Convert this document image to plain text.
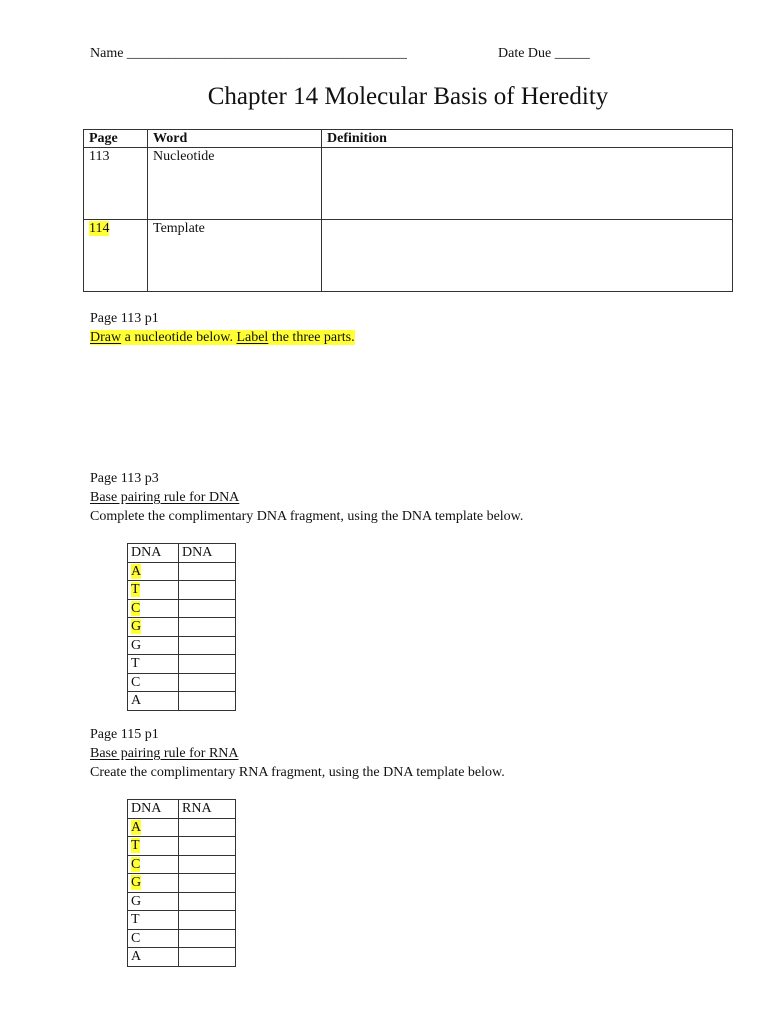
Name ________________________________________	Date Due _____
Chapter 14 Molecular Basis of Heredity
Page	Word	Definition
113	Nucleotide	
114	Template	
Page 113 p1
Draw a nucleotide below. Label the three parts.
Page 113 p3
Base pairing rule for DNA
Complete the complimentary DNA fragment, using the DNA template below.
DNA	DNA
A	
T	
C	
G	
G	
T	
C	
A	
Page 115 p1
Base pairing rule for RNA
Create the complimentary RNA fragment, using the DNA template below.
DNA	RNA
A	
T	
C	
G	
G	
T	
C	
A	
